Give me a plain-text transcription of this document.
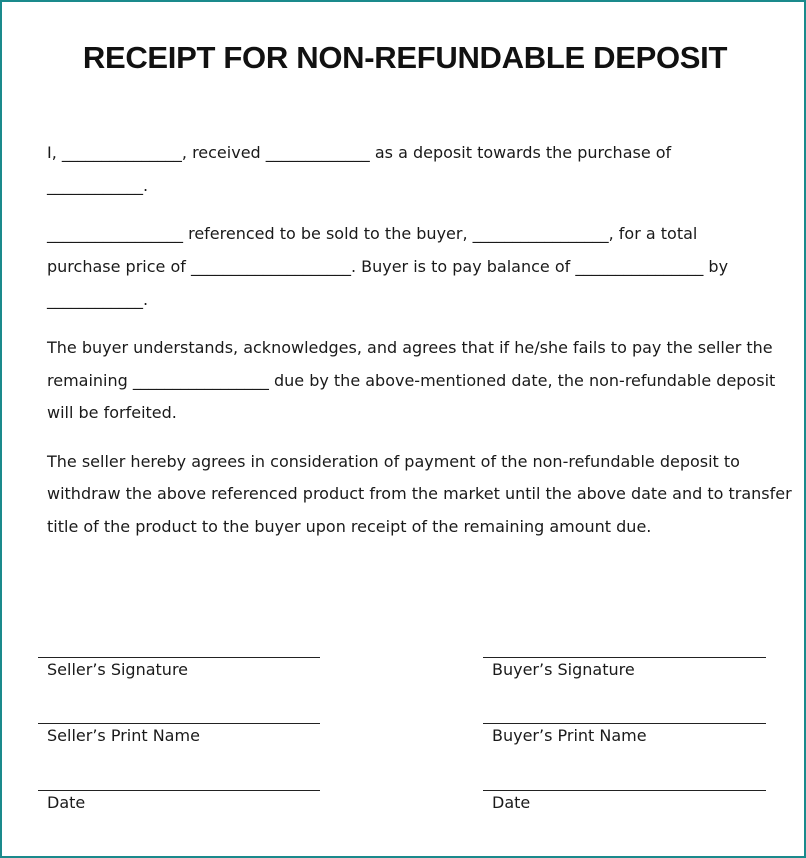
RECEIPT FOR NON-REFUNDABLE DEPOSIT
I, _______________, received _____________ as a deposit towards the purchase of
____________.
_________________ referenced to be sold to the buyer, _________________, for a total
purchase price of ____________________. Buyer is to pay balance of ________________ by
____________.
The buyer understands, acknowledges, and agrees that if he/she fails to pay the seller the
remaining _________________ due by the above-mentioned date, the non-refundable deposit
will be forfeited.
The seller hereby agrees in consideration of payment of the non-refundable deposit to
withdraw the above referenced product from the market until the above date and to transfer
title of the product to the buyer upon receipt of the remaining amount due.
Seller’s Signature
Seller’s Print Name
Date
Buyer’s Signature
Buyer’s Print Name
Date
